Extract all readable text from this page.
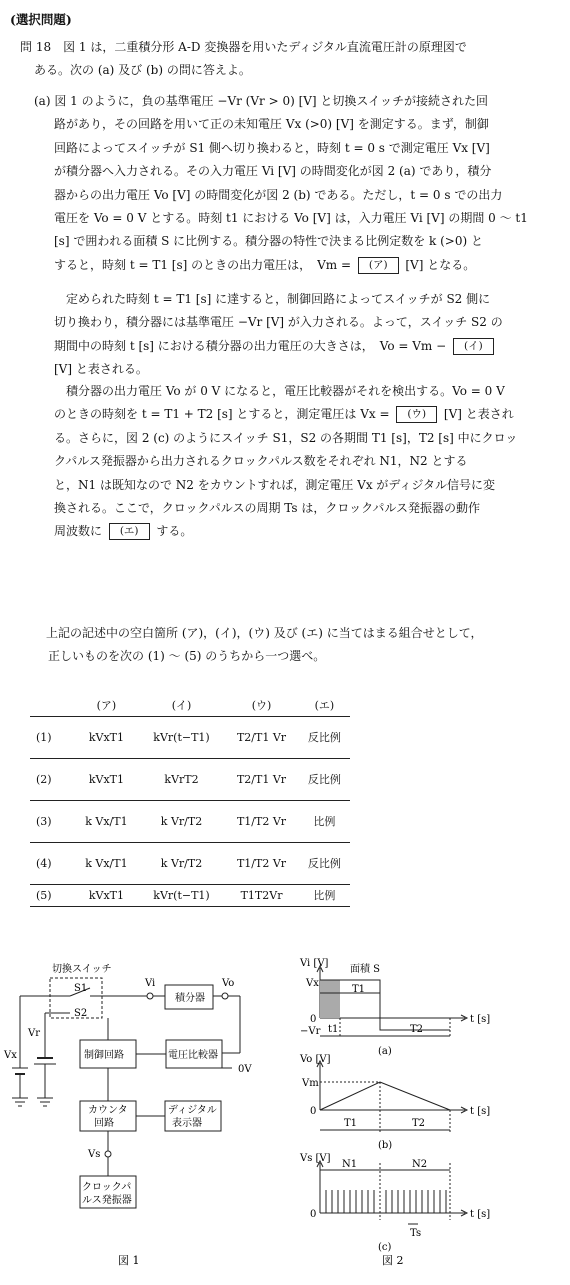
(選択問題)
問 18　図 1 は，二重積分形 A-D 変換器を用いたディジタル直流電圧計の原理図で
ある。次の (a) 及び (b) の問に答えよ。
(a) 図 1 のように，負の基準電圧 −Vr (Vr > 0) [V] と切換スイッチが接続された回
路があり，その回路を用いて正の未知電圧 Vx (>0) [V] を測定する。まず，制御
回路によってスイッチが S1 側へ切り換わると，時刻 t = 0 s で測定電圧 Vx [V]
が積分器へ入力される。その入力電圧 Vi [V] の時間変化が図 2 (a) であり，積分
器からの出力電圧 Vo [V] の時間変化が図 2 (b) である。ただし，t = 0 s での出力
電圧を Vo = 0 V とする。時刻 t1 における Vo [V] は，入力電圧 Vi [V] の期間 0 ～ t1
[s] で囲われる面積 S に比例する。積分器の特性で決まる比例定数を k (>0) と
すると，時刻 t = T1 [s] のときの出力電圧は，　Vm = (ア) [V] となる。
　定められた時刻 t = T1 [s] に達すると，制御回路によってスイッチが S2 側に
切り換わり，積分器には基準電圧 −Vr [V] が入力される。よって，スイッチ S2 の
期間中の時刻 t [s] における積分器の出力電圧の大きさは，　Vo = Vm − (イ)
[V] と表される。
　積分器の出力電圧 Vo が 0 V になると，電圧比較器がそれを検出する。Vo = 0 V
のときの時刻を t = T1 + T2 [s] とすると，測定電圧は Vx = (ウ) [V] と表され
る。さらに，図 2 (c) のようにスイッチ S1，S2 の各期間 T1 [s]，T2 [s] 中にクロッ
クパルス発振器から出力されるクロックパルス数をそれぞれ N1，N2 とする
と，N1 は既知なので N2 をカウントすれば，測定電圧 Vx がディジタル信号に変
換される。ここで，クロックパルスの周期 Ts は，クロックパルス発振器の動作
周波数に (エ) する。
　上記の記述中の空白箇所 (ア)，(イ)，(ウ) 及び (エ) に当てはまる組合せとして，
正しいものを次の (1) ～ (5) のうちから一つ選べ。
	(ア)	(イ)	(ウ)	(エ)
(1)	kVxT1	kVr(t−T1)	T2/T1 Vr	反比例
(2)	kVxT1	kVrT2	T2/T1 Vr	反比例
(3)	k Vx/T1	k Vr/T2	T1/T2 Vr	比例
(4)	k Vx/T1	k Vr/T2	T1/T2 Vr	反比例
(5)	kVxT1	kVr(t−T1)	T1T2Vr	比例
切換スイッチ
S1
S2
Vx
Vr
Vi	Vo
積分器
制御回路	電圧比較器
0V
カウンタ
回路
ディジタル
表示器
Vs
クロックパ
ルス発振器
図 1
Vi [V]
面積 S
Vx
0
−Vr
T1
t1	T2
t [s]
(a)
Vo [V]
Vm
0
T1	T2
t [s]
(b)
Vs [V]
N1	N2
0
Ts
t [s]
(c)
図 2
